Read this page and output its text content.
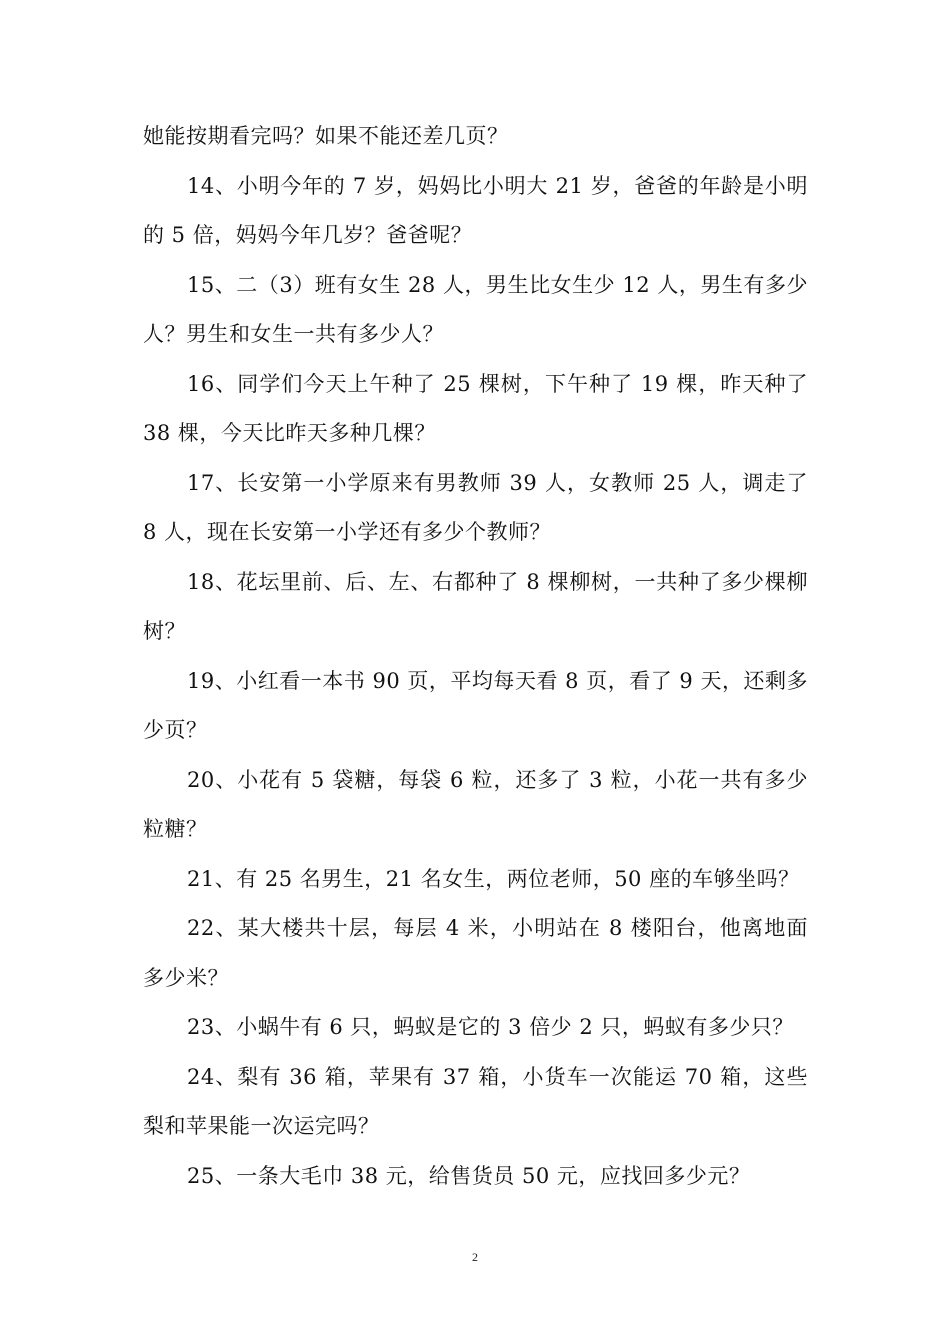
她能按期看完吗？如果不能还差几页？

14、小明今年的 7 岁，妈妈比小明大 21 岁，爸爸的年龄是小明的 5 倍，妈妈今年几岁？爸爸呢？

15、二（3）班有女生 28 人，男生比女生少 12 人，男生有多少人？男生和女生一共有多少人？

16、同学们今天上午种了 25 棵树，下午种了 19 棵，昨天种了 38 棵，今天比昨天多种几棵？

17、长安第一小学原来有男教师 39 人，女教师 25 人，调走了 8 人，现在长安第一小学还有多少个教师？

18、花坛里前、后、左、右都种了 8 棵柳树，一共种了多少棵柳树？

19、小红看一本书 90 页，平均每天看 8 页，看了 9 天，还剩多少页？

20、小花有 5 袋糖，每袋 6 粒，还多了 3 粒，小花一共有多少粒糖？

21、有 25 名男生，21 名女生，两位老师，50 座的车够坐吗？

22、某大楼共十层，每层 4 米，小明站在 8 楼阳台，他离地面多少米？

23、小蜗牛有 6 只，蚂蚁是它的 3 倍少 2 只，蚂蚁有多少只？

24、梨有 36 箱，苹果有 37 箱，小货车一次能运 70 箱，这些梨和苹果能一次运完吗？

25、一条大毛巾 38 元，给售货员 50 元，应找回多少元？

2
